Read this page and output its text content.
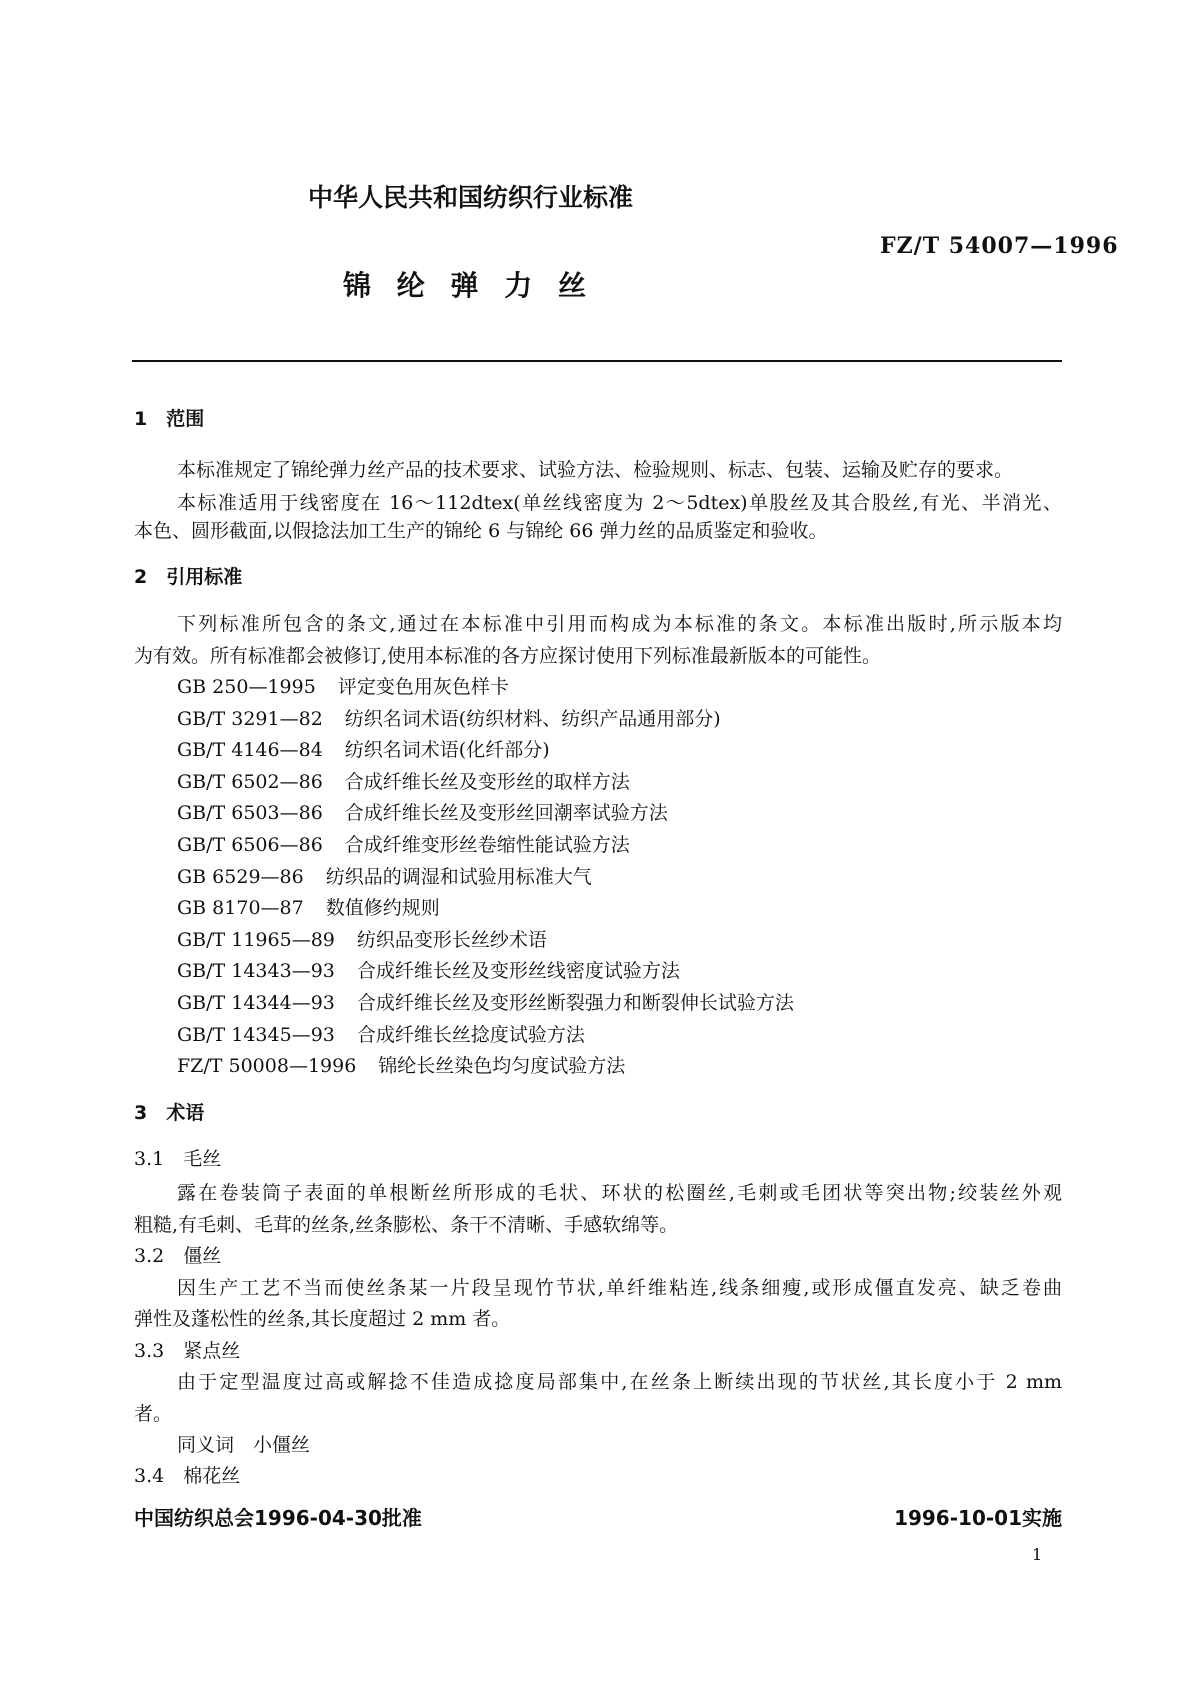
中华人民共和国纺织行业标准
FZ/T 54007—1996
锦 纶 弹 力 丝
1　范围
本标准规定了锦纶弹力丝产品的技术要求、试验方法、检验规则、标志、包装、运输及贮存的要求。
本标准适用于线密度在 16～112dtex(单丝线密度为 2～5dtex)单股丝及其合股丝,有光、半消光、
本色、圆形截面,以假捻法加工生产的锦纶 6 与锦纶 66 弹力丝的品质鉴定和验收。
2　引用标准
下列标准所包含的条文,通过在本标准中引用而构成为本标准的条文。本标准出版时,所示版本均
为有效。所有标准都会被修订,使用本标准的各方应探讨使用下列标准最新版本的可能性。
GB 250—1995 评定变色用灰色样卡
GB/T 3291—82 纺织名词术语(纺织材料、纺织产品通用部分)
GB/T 4146—84 纺织名词术语(化纤部分)
GB/T 6502—86 合成纤维长丝及变形丝的取样方法
GB/T 6503—86 合成纤维长丝及变形丝回潮率试验方法
GB/T 6506—86 合成纤维变形丝卷缩性能试验方法
GB 6529—86 纺织品的调湿和试验用标准大气
GB 8170—87 数值修约规则
GB/T 11965—89 纺织品变形长丝纱术语
GB/T 14343—93 合成纤维长丝及变形丝线密度试验方法
GB/T 14344—93 合成纤维长丝及变形丝断裂强力和断裂伸长试验方法
GB/T 14345—93 合成纤维长丝捻度试验方法
FZ/T 50008—1996 锦纶长丝染色均匀度试验方法
3　术语
3.1　毛丝
露在卷装筒子表面的单根断丝所形成的毛状、环状的松圈丝,毛刺或毛团状等突出物;绞装丝外观
粗糙,有毛刺、毛茸的丝条,丝条膨松、条干不清晰、手感软绵等。
3.2　僵丝
因生产工艺不当而使丝条某一片段呈现竹节状,单纤维粘连,线条细瘦,或形成僵直发亮、缺乏卷曲
弹性及蓬松性的丝条,其长度超过 2 mm 者。
3.3　紧点丝
由于定型温度过高或解捻不佳造成捻度局部集中,在丝条上断续出现的节状丝,其长度小于 2 mm
者。
同义词　小僵丝
3.4　棉花丝
中国纺织总会1996-04-30批准	1996-10-01实施
1
